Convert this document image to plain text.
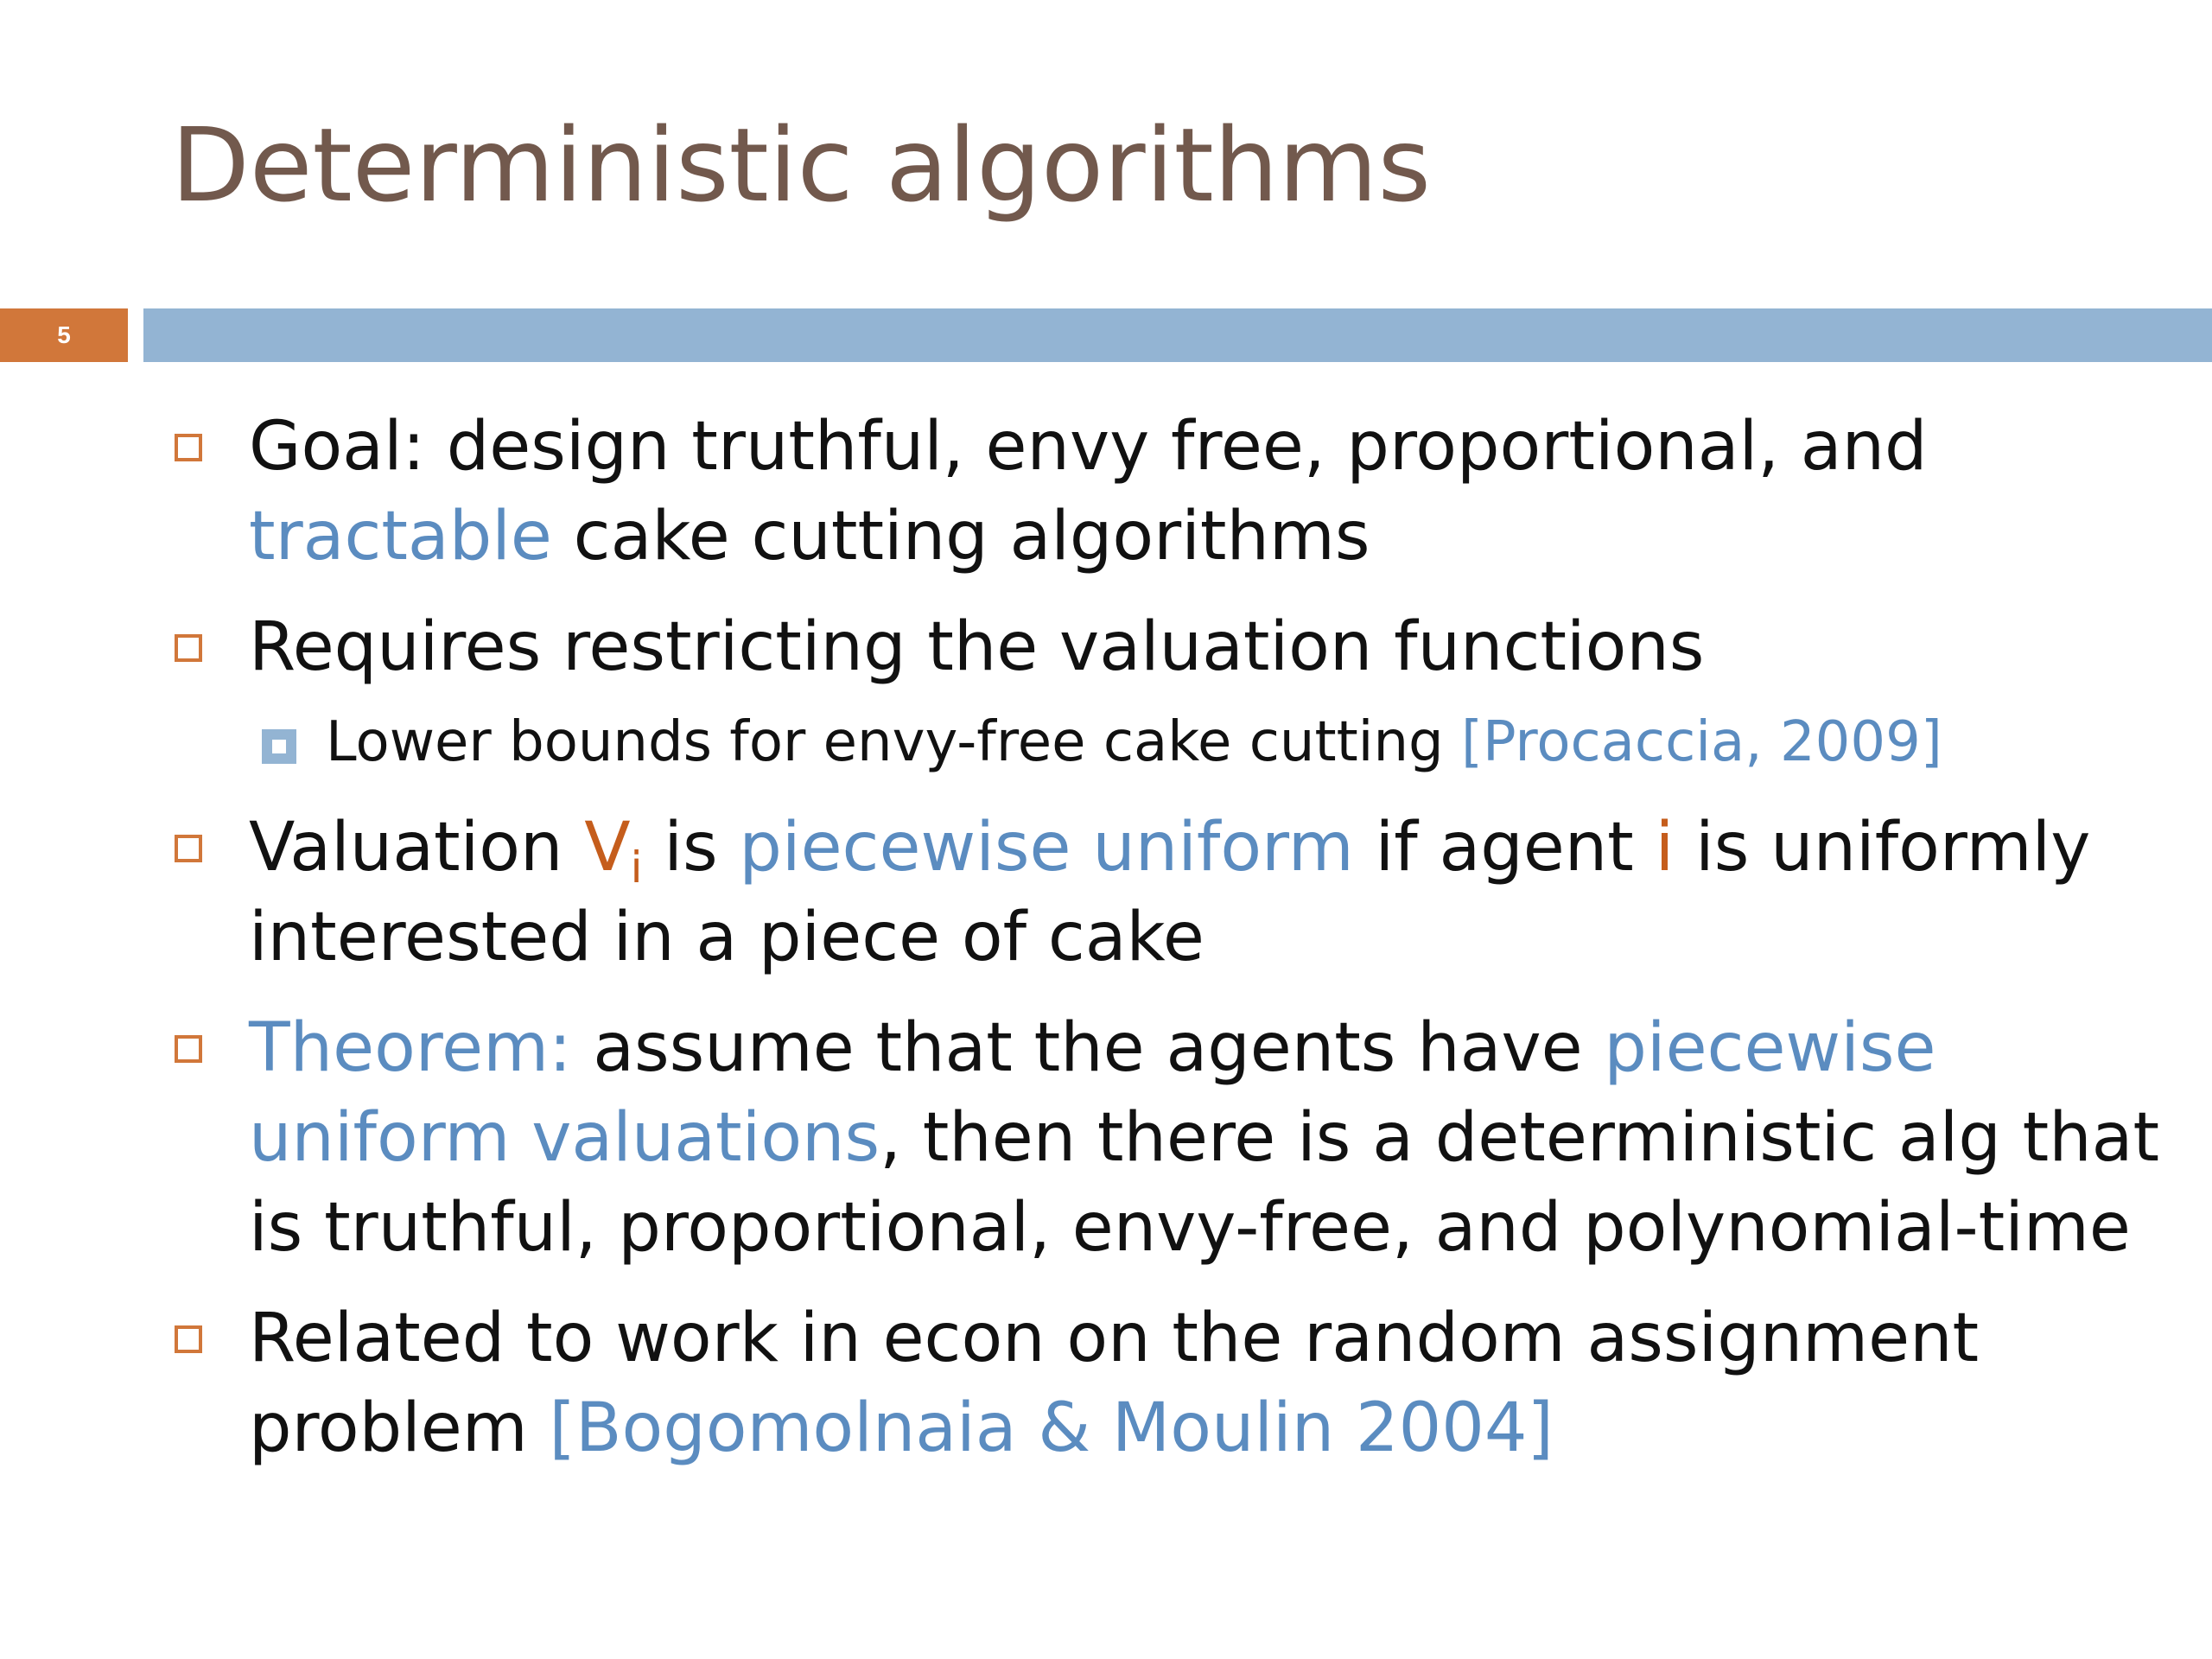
Deterministic algorithms
5
Goal: design truthful, envy free, proportional, and
tractable cake cutting algorithms
Requires restricting the valuation functions
Lower bounds for envy-free cake cutting [Procaccia, 2009]
Valuation $V_i$ is piecewise uniform if agent i is uniformly
interested in a piece of cake
Theorem: assume that the agents have piecewise
uniform valuations, then there is a deterministic alg that
is truthful, proportional, envy-free, and polynomial-time
Related to work in econ on the random assignment
problem [Bogomolnaia & Moulin 2004]
